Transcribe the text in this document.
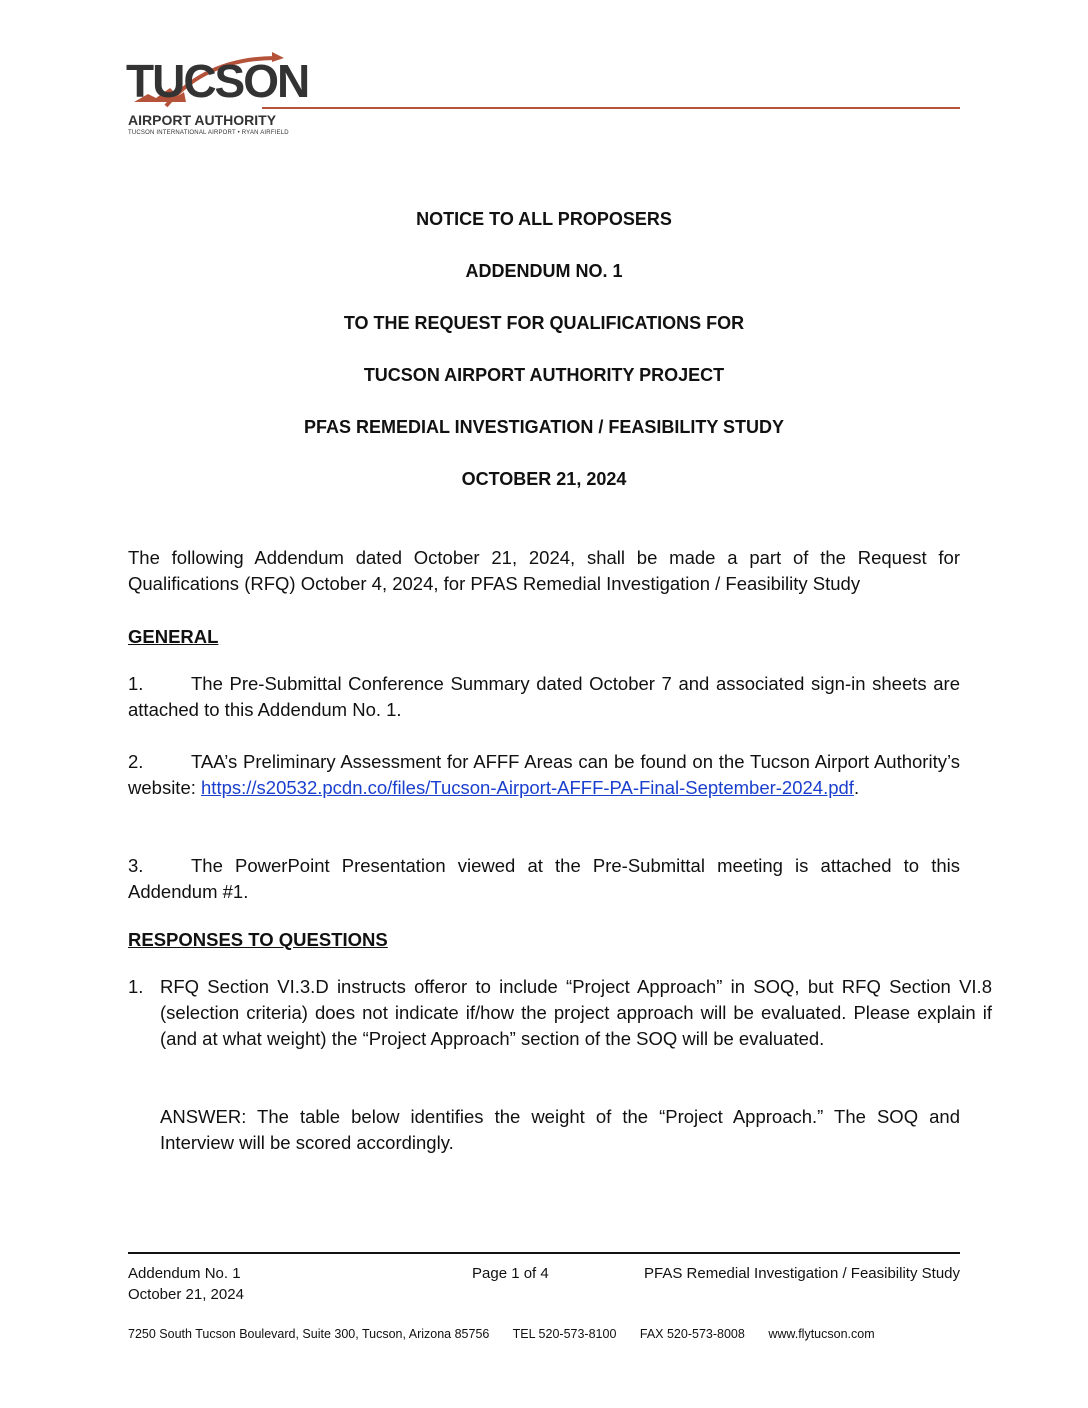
TUCSON
AIRPORT AUTHORITY
TUCSON INTERNATIONAL AIRPORT • RYAN AIRFIELD

NOTICE TO ALL PROPOSERS

ADDENDUM NO. 1

TO THE REQUEST FOR QUALIFICATIONS FOR

TUCSON AIRPORT AUTHORITY PROJECT

PFAS REMEDIAL INVESTIGATION / FEASIBILITY STUDY

OCTOBER 21, 2024

The following Addendum dated October 21, 2024, shall be made a part of the Request for Qualifications (RFQ) October 4, 2024, for PFAS Remedial Investigation / Feasibility Study
GENERAL
1.	The Pre-Submittal Conference Summary dated October 7 and associated sign-in sheets are attached to this Addendum No. 1.
2.	TAA’s Preliminary Assessment for AFFF Areas can be found on the Tucson Airport Authority’s website: https://s20532.pcdn.co/files/Tucson-Airport-AFFF-PA-Final-September-2024.pdf.
3.	The PowerPoint Presentation viewed at the Pre-Submittal meeting is attached to this Addendum #1.
RESPONSES TO QUESTIONS
1. RFQ Section VI.3.D instructs offeror to include “Project Approach” in SOQ, but RFQ Section VI.8 (selection criteria) does not indicate if/how the project approach will be evaluated. Please explain if (and at what weight) the “Project Approach” section of the SOQ will be evaluated.
ANSWER: The table below identifies the weight of the “Project Approach.” The SOQ and Interview will be scored accordingly.
Addendum No. 1
October 21, 2024
Page 1 of 4	PFAS Remedial Investigation / Feasibility Study
7250 South Tucson Boulevard, Suite 300, Tucson, Arizona 85756 TEL 520-573-8100 FAX 520-573-8008 www.flytucson.com
